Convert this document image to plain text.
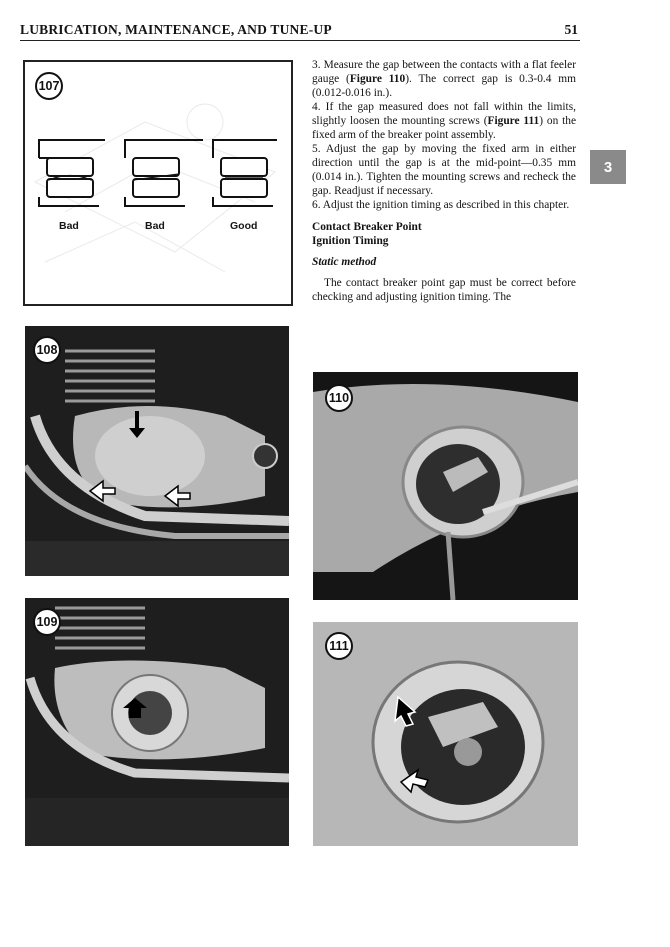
LUBRICATION, MAINTENANCE, AND TUNE-UP	51
3
107
Bad	Bad	Good
108
109
110
111

3. Measure the gap between the contacts with a flat feeler gauge (Figure 110). The correct gap is 0.3-0.4 mm (0.012-0.016 in.).

4. If the gap measured does not fall within the limits, slightly loosen the mounting screws (Figure 111) on the fixed arm of the breaker point assembly.

5. Adjust the gap by moving the fixed arm in either direction until the gap is at the mid-point—0.35 mm (0.014 in.). Tighten the mounting screws and recheck the gap. Readjust if necessary.

6. Adjust the ignition timing as described in this chapter.

Contact Breaker Point
Ignition Timing

Static method

The contact breaker point gap must be correct before checking and adjusting ignition timing. The
